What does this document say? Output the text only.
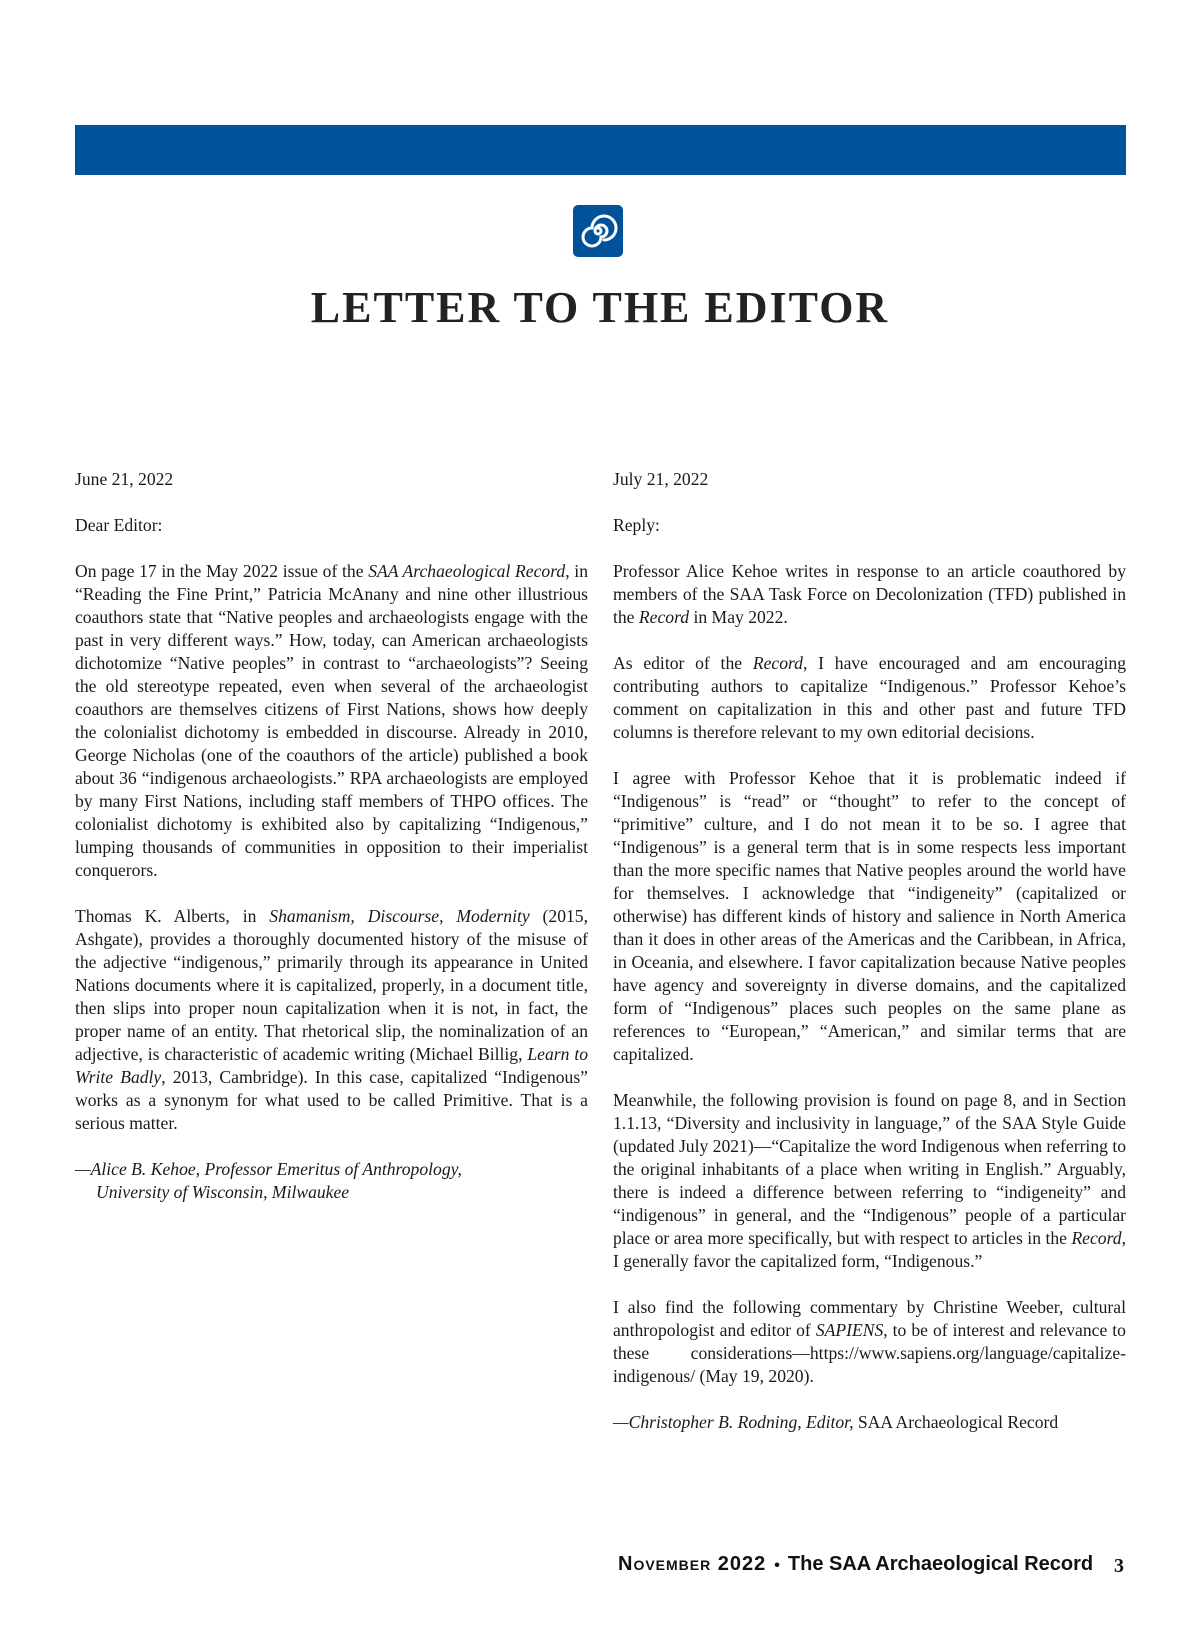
LETTER TO THE EDITOR

June 21, 2022

Dear Editor:

On page 17 in the May 2022 issue of the SAA Archaeological Record, in “Reading the Fine Print,” Patricia McAnany and nine other illustrious coauthors state that “Native peoples and archaeologists engage with the past in very different ways.” How, today, can American archaeologists dichotomize “Native peoples” in contrast to “archaeologists”? Seeing the old stereotype repeated, even when several of the archaeologist coauthors are themselves citizens of First Nations, shows how deeply the colonialist dichotomy is embedded in discourse. Already in 2010, George Nicholas (one of the coauthors of the article) published a book about 36 “indigenous archaeologists.” RPA archaeologists are employed by many First Nations, including staff members of THPO offices. The colonialist dichotomy is exhibited also by capitalizing “Indigenous,” lumping thousands of communities in opposition to their imperialist conquerors.

Thomas K. Alberts, in Shamanism, Discourse, Modernity (2015, Ashgate), provides a thoroughly documented history of the misuse of the adjective “indigenous,” primarily through its appearance in United Nations documents where it is capitalized, properly, in a document title, then slips into proper noun capitalization when it is not, in fact, the proper name of an entity. That rhetorical slip, the nominalization of an adjective, is characteristic of academic writing (Michael Billig, Learn to Write Badly, 2013, Cambridge). In this case, capitalized “Indigenous” works as a synonym for what used to be called Primitive. That is a serious matter.

—Alice B. Kehoe, Professor Emeritus of Anthropology,
University of Wisconsin, Milwaukee

July 21, 2022

Reply:

Professor Alice Kehoe writes in response to an article coauthored by members of the SAA Task Force on Decolonization (TFD) published in the Record in May 2022.

As editor of the Record, I have encouraged and am encouraging contributing authors to capitalize “Indigenous.” Professor Kehoe’s comment on capitalization in this and other past and future TFD columns is therefore relevant to my own editorial decisions.

I agree with Professor Kehoe that it is problematic indeed if “Indigenous” is “read” or “thought” to refer to the concept of “primitive” culture, and I do not mean it to be so. I agree that “Indigenous” is a general term that is in some respects less important than the more specific names that Native peoples around the world have for themselves. I acknowledge that “indigeneity” (capitalized or otherwise) has different kinds of history and salience in North America than it does in other areas of the Americas and the Caribbean, in Africa, in Oceania, and elsewhere. I favor capitalization because Native peoples have agency and sovereignty in diverse domains, and the capitalized form of “Indigenous” places such peoples on the same plane as references to “European,” “American,” and similar terms that are capitalized.

Meanwhile, the following provision is found on page 8, and in Section 1.1.13, “Diversity and inclusivity in language,” of the SAA Style Guide (updated July 2021)—“Capitalize the word Indigenous when referring to the original inhabitants of a place when writing in English.” Arguably, there is indeed a difference between referring to “indigeneity” and “indigenous” in general, and the “Indigenous” people of a particular place or area more specifically, but with respect to articles in the Record, I generally favor the capitalized form, “Indigenous.”

I also find the following commentary by Christine Weeber, cultural anthropologist and editor of SAPIENS, to be of interest and relevance to these considerations—https://www.sapiens.org/language/capitalize-indigenous/ (May 19, 2020).

—Christopher B. Rodning, Editor, SAA Archaeological Record

November 2022 • The SAA Archaeological Record 3
